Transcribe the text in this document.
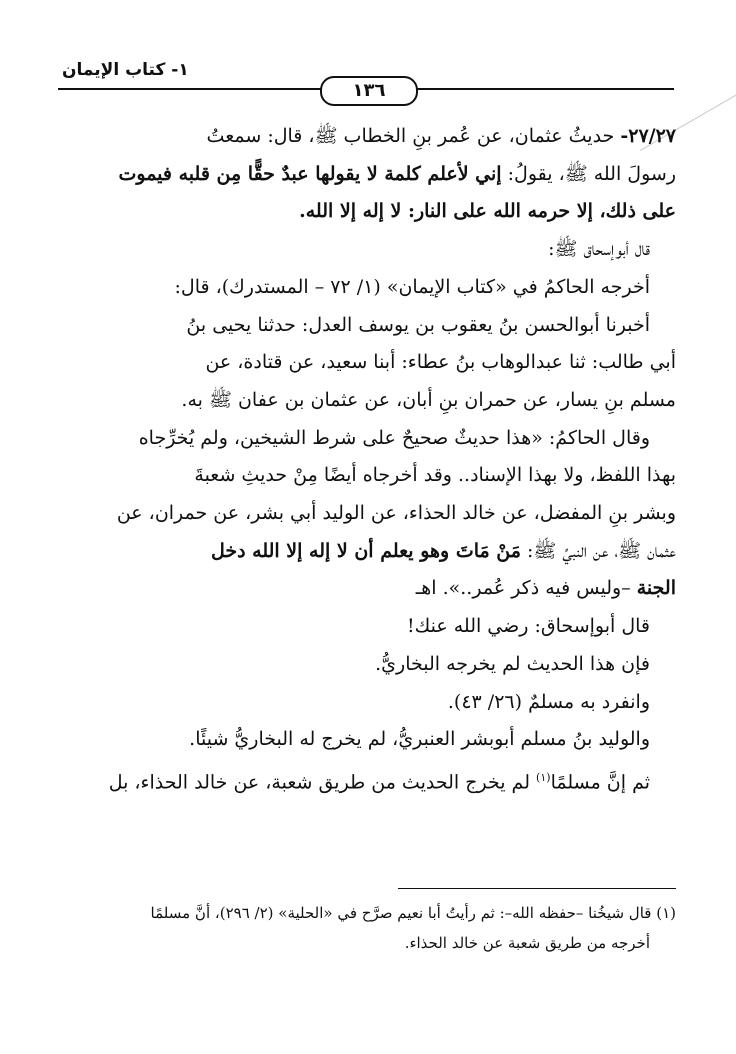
١- كتاب الإيمان
١٣٦

٢٧/٢٧- حديثُ عثمان، عن عُمر بنِ الخطاب ﷺ، قال: سمعتُ

رسولَ الله ﷺ، يقولُ: إني لأعلم كلمة لا يقولها عبدٌ حقًّا مِن قلبه فيموت

على ذلك، إلا حرمه الله على النار: لا إله إلا الله.

قال أبوإسحاق ﷺ:

أخرجه الحاكمُ في «كتاب الإيمان» (١/ ٧٢ – المستدرك)، قال:

أخبرنا أبوالحسن بنُ يعقوب بن يوسف العدل: حدثنا يحيى بنُ

أبي طالب: ثنا عبدالوهاب بنُ عطاء: أبنا سعيد، عن قتادة، عن

مسلم بنِ يسار، عن حمران بنِ أبان، عن عثمان بن عفان ﷺ به.

وقال الحاكمُ: «هذا حديثٌ صحيحٌ على شرط الشيخين، ولم يُخرِّجاه

بهذا اللفظ، ولا بهذا الإسناد.. وقد أخرجاه أيضًا مِنْ حديثِ شعبةَ

وبشر بنِ المفضل، عن خالد الحذاء، عن الوليد أبي بشر، عن حمران، عن

عثمان ﷺ، عن النبيِّ ﷺ: مَنْ مَاتَ وهو يعلم أن لا إله إلا الله دخل

الجنة –وليس فيه ذكر عُمر..». اهـ

قال أبوإسحاق: رضي الله عنك!

فإن هذا الحديث لم يخرجه البخاريُّ.

وانفرد به مسلمٌ (٢٦/ ٤٣).

والوليد بنُ مسلم أبوبشر العنبريُّ، لم يخرج له البخاريُّ شيئًا.

ثم إنَّ مسلمًا$^{(١)}$ لم يخرج الحديث من طريق شعبة، عن خالد الحذاء، بل

(١) قال شيخُنا –حفظه الله–: ثم رأيتُ أبا نعيم صرَّح في «الحلية» (٢/ ٢٩٦)، أنَّ مسلمًا

أخرجه من طريق شعبة عن خالد الحذاء.
